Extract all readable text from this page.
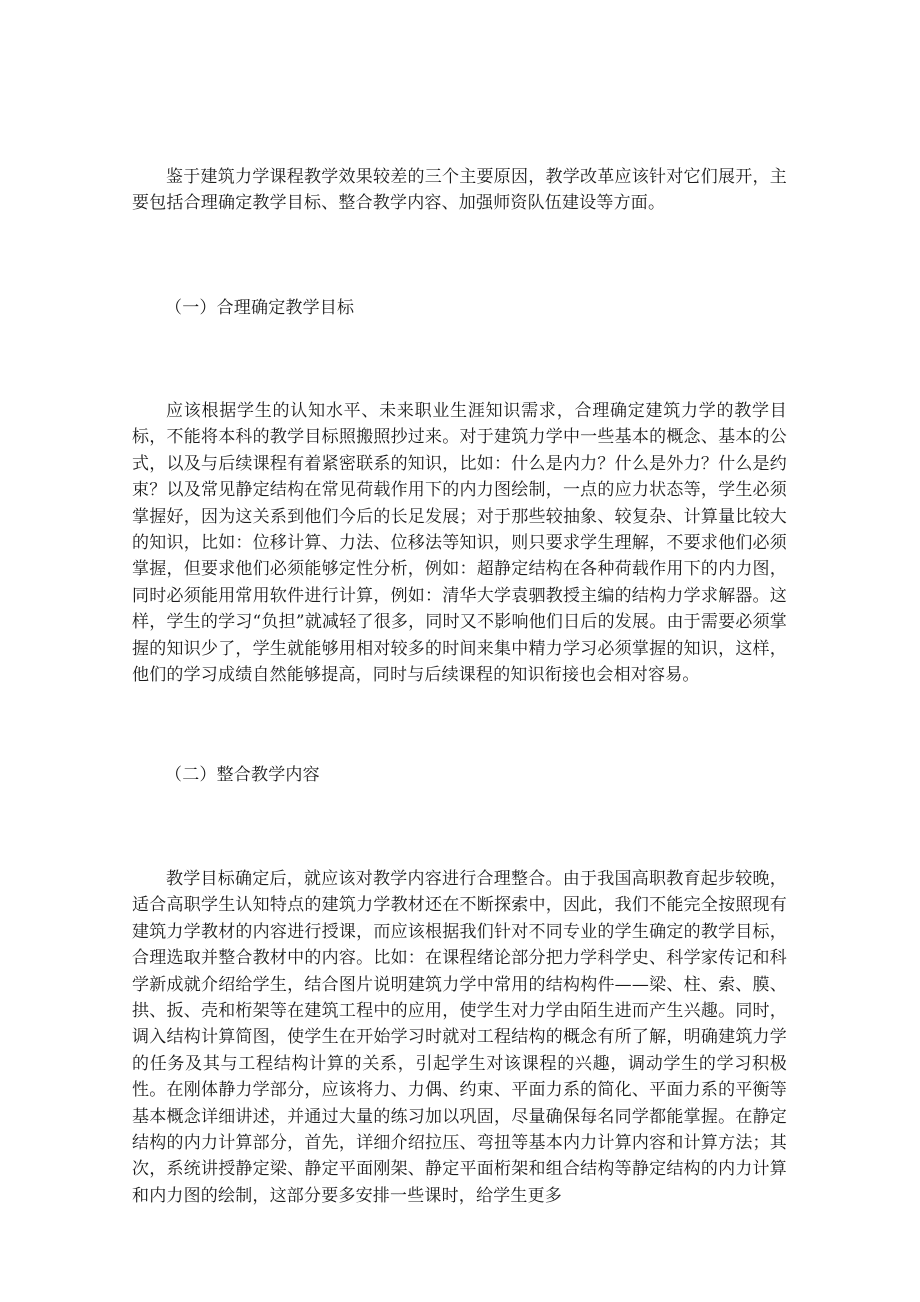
鉴于建筑力学课程教学效果较差的三个主要原因，教学改革应该针对它们展开，主要包括合理确定教学目标、整合教学内容、加强师资队伍建设等方面。

（一）合理确定教学目标

应该根据学生的认知水平、未来职业生涯知识需求，合理确定建筑力学的教学目标，不能将本科的教学目标照搬照抄过来。对于建筑力学中一些基本的概念、基本的公式，以及与后续课程有着紧密联系的知识，比如：什么是内力？什么是外力？什么是约束？以及常见静定结构在常见荷载作用下的内力图绘制，一点的应力状态等，学生必须掌握好，因为这关系到他们今后的长足发展；对于那些较抽象、较复杂、计算量比较大的知识，比如：位移计算、力法、位移法等知识，则只要求学生理解，不要求他们必须掌握，但要求他们必须能够定性分析，例如：超静定结构在各种荷载作用下的内力图，同时必须能用常用软件进行计算，例如：清华大学袁驷教授主编的结构力学求解器。这样，学生的学习“负担”就减轻了很多，同时又不影响他们日后的发展。由于需要必须掌握的知识少了，学生就能够用相对较多的时间来集中精力学习必须掌握的知识，这样，他们的学习成绩自然能够提高，同时与后续课程的知识衔接也会相对容易。

（二）整合教学内容

教学目标确定后，就应该对教学内容进行合理整合。由于我国高职教育起步较晚，适合高职学生认知特点的建筑力学教材还在不断探索中，因此，我们不能完全按照现有建筑力学教材的内容进行授课，而应该根据我们针对不同专业的学生确定的教学目标，合理选取并整合教材中的内容。比如：在课程绪论部分把力学科学史、科学家传记和科学新成就介绍给学生，结合图片说明建筑力学中常用的结构构件——梁、柱、索、膜、拱、扳、壳和桁架等在建筑工程中的应用，使学生对力学由陌生进而产生兴趣。同时，调入结构计算简图，使学生在开始学习时就对工程结构的概念有所了解，明确建筑力学的任务及其与工程结构计算的关系，引起学生对该课程的兴趣，调动学生的学习积极性。在刚体静力学部分，应该将力、力偶、约束、平面力系的简化、平面力系的平衡等基本概念详细讲述，并通过大量的练习加以巩固，尽量确保每名同学都能掌握。在静定结构的内力计算部分，首先，详细介绍拉压、弯扭等基本内力计算内容和计算方法；其次，系统讲授静定梁、静定平面刚架、静定平面桁架和组合结构等静定结构的内力计算和内力图的绘制，这部分要多安排一些课时，给学生更多
